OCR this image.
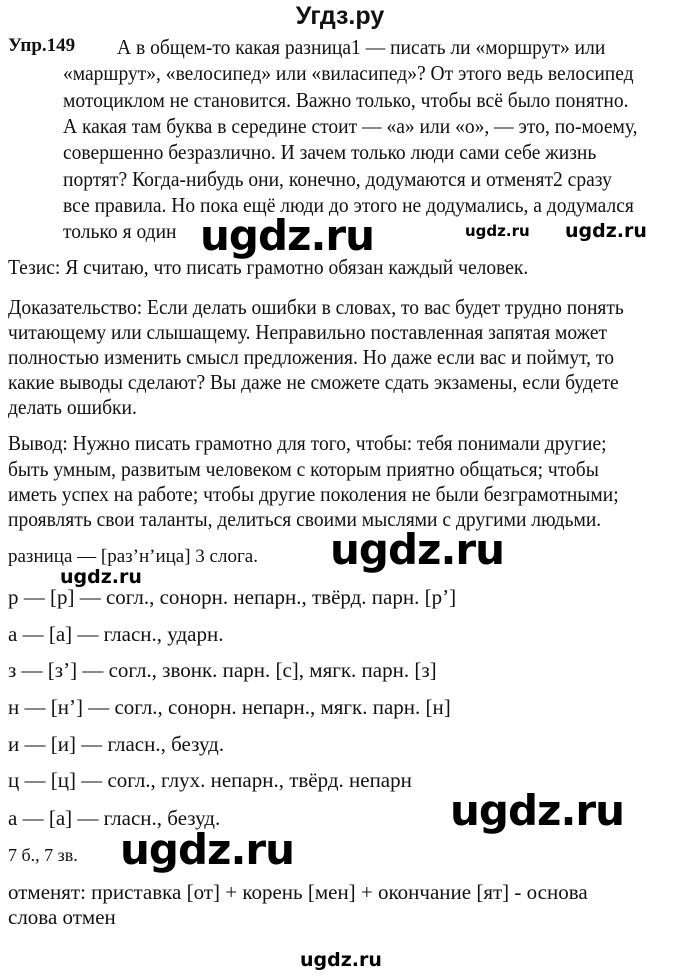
Угдз.ру
Упр.149 А в общем-то какая разница1 — писать ли «моршрут» или
«маршрут», «велосипед» или «виласипед»? От этого ведь велосипед
мотоциклом не становится. Важно только, чтобы всё было понятно.
А какая там буква в середине стоит — «а» или «о», — это, по-моему,
совершенно безразлично. И зачем только люди сами себе жизнь
портят? Когда-нибудь они, конечно, додумаются и отменят2 сразу
все правила. Но пока ещё люди до этого не додумались, а додумался
только я один
Тезис: Я считаю, что писать грамотно обязан каждый человек.
Доказательство: Если делать ошибки в словах, то вас будет трудно понять
читающему или слышащему. Неправильно поставленная запятая может
полностью изменить смысл предложения. Но даже если вас и поймут, то
какие выводы сделают? Вы даже не сможете сдать экзамены, если будете
делать ошибки.
Вывод: Нужно писать грамотно для того, чтобы: тебя понимали другие;
быть умным, развитым человеком с которым приятно общаться; чтобы
иметь успех на работе; чтобы другие поколения не были безграмотными;
проявлять свои таланты, делиться своими мыслями с другими людьми.
разница — [раз’н’ица] 3 слога.
р — [р] — согл., сонорн. непарн., твёрд. парн. [р’]
а — [а] — гласн., ударн.
з — [з’] — согл., звонк. парн. [с], мягк. парн. [з]
н — [н’] — согл., сонорн. непарн., мягк. парн. [н]
и — [и] — гласн., безуд.
ц — [ц] — согл., глух. непарн., твёрд. непарн
а — [а] — гласн., безуд.
7 б., 7 зв.
отменят: приставка [от] + корень [мен] + окончание [ят] - основа
слова отмен
ugdz.ru
ugdz.ru	ugdz.ru
ugdz.ru
ugdz.ru
ugdz.ru
ugdz.ru
ugdz.ru
